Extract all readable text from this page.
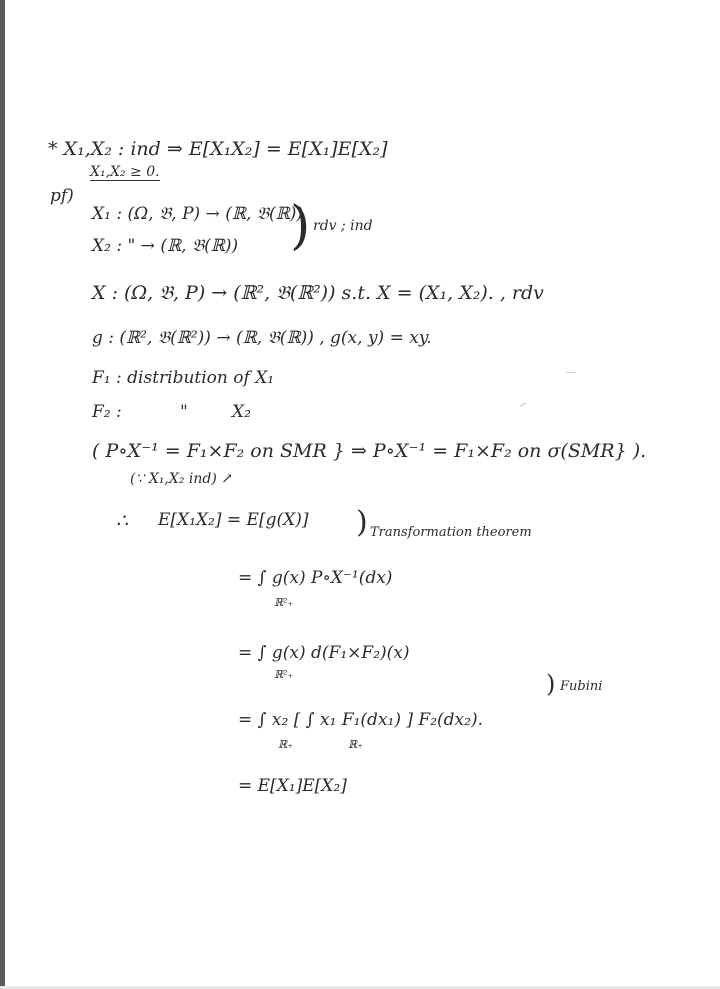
* X₁,X₂ : ind ⇒ E[X₁X₂] = E[X₁]E[X₂]
X₁,X₂ ≥ 0.
pf)
X₁ : (Ω, 𝔅, P) → (ℝ, 𝔅(ℝ))
X₂ : " → (ℝ, 𝔅(ℝ)) ) rdv ; ind
X : (Ω, 𝔅, P) → (ℝ², 𝔅(ℝ²)) s.t. X = (X₁, X₂). , rdv
g : (ℝ², 𝔅(ℝ²)) → (ℝ, 𝔅(ℝ)) , g(x, y) = xy.
F₁ : distribution of X₁
F₂ :	"	X₂
( P∘X⁻¹ = F₁×F₂ on SMR } ⇒ P∘X⁻¹ = F₁×F₂ on σ(SMR} ).
(∵ X₁,X₂ ind) ↗
∴ E[X₁X₂] = E[g(X)] ) Transformation theorem
= ∫ g(x) P∘X⁻¹(dx)
ℝ²₊
= ∫ g(x) d(F₁×F₂)(x)
ℝ²₊	) Fubini
= ∫ x₂ [ ∫ x₁ F₁(dx₁) ] F₂(dx₂).
ℝ₊	ℝ₊
= E[X₁]E[X₂]
